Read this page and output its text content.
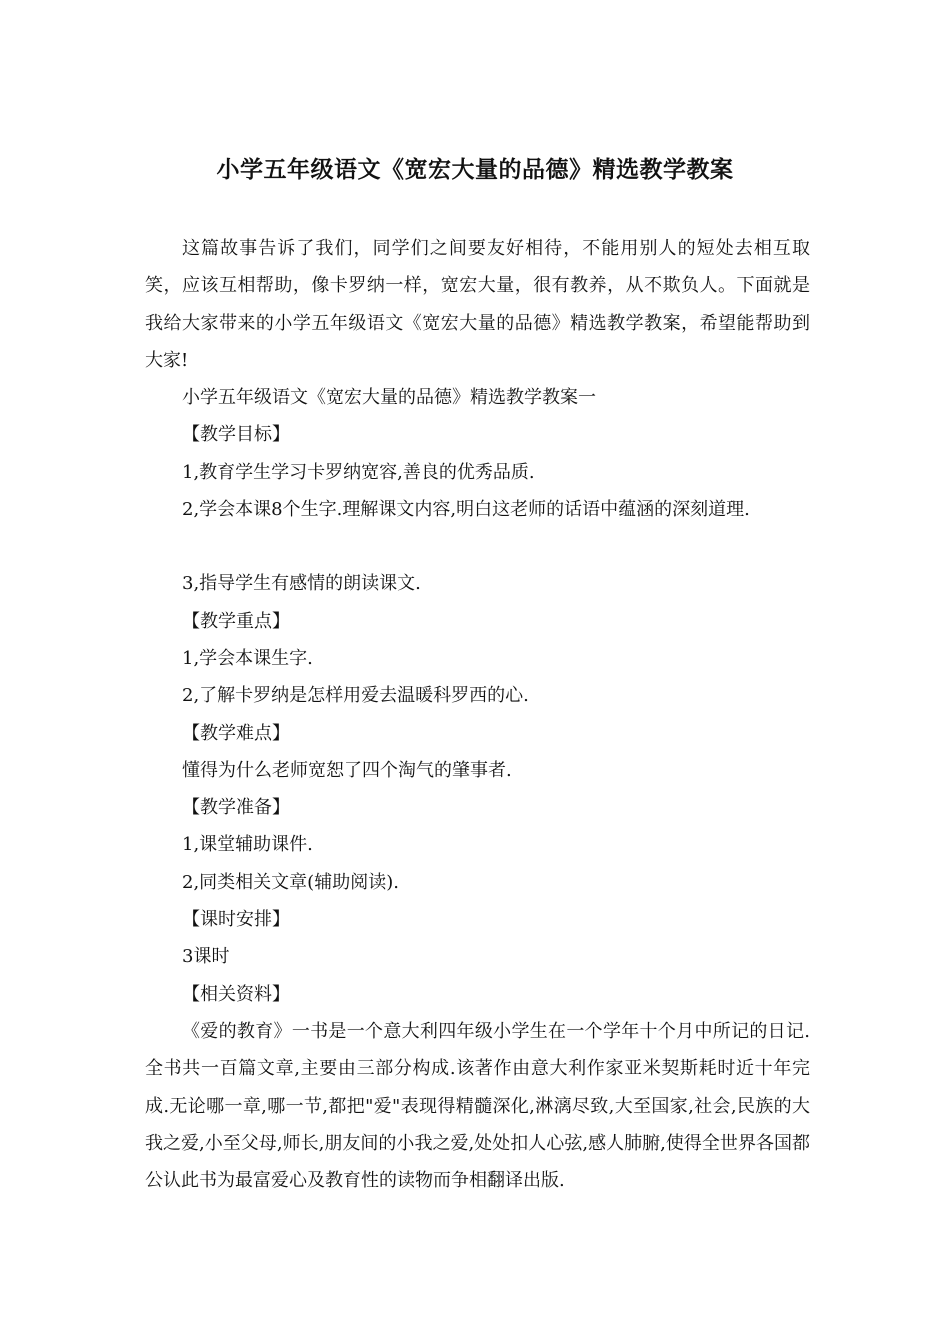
小学五年级语文《宽宏大量的品德》精选教学教案

这篇故事告诉了我们，同学们之间要友好相待，不能用别人的短处去相互取笑，应该互相帮助，像卡罗纳一样，宽宏大量，很有教养，从不欺负人。下面就是我给大家带来的小学五年级语文《宽宏大量的品德》精选教学教案，希望能帮助到大家!

小学五年级语文《宽宏大量的品德》精选教学教案一

【教学目标】

1,教育学生学习卡罗纳宽容,善良的优秀品质.

2,学会本课8个生字.理解课文内容,明白这老师的话语中蕴涵的深刻道理.

3,指导学生有感情的朗读课文.

【教学重点】

1,学会本课生字.

2,了解卡罗纳是怎样用爱去温暖科罗西的心.

【教学难点】

懂得为什么老师宽恕了四个淘气的肇事者.

【教学准备】

1,课堂辅助课件.

2,同类相关文章(辅助阅读).

【课时安排】

3课时

【相关资料】

《爱的教育》一书是一个意大利四年级小学生在一个学年十个月中所记的日记.全书共一百篇文章,主要由三部分构成.该著作由意大利作家亚米契斯耗时近十年完成.无论哪一章,哪一节,都把"爱"表现得精髓深化,淋漓尽致,大至国家,社会,民族的大我之爱,小至父母,师长,朋友间的小我之爱,处处扣人心弦,感人肺腑,使得全世界各国都公认此书为最富爱心及教育性的读物而争相翻译出版.
